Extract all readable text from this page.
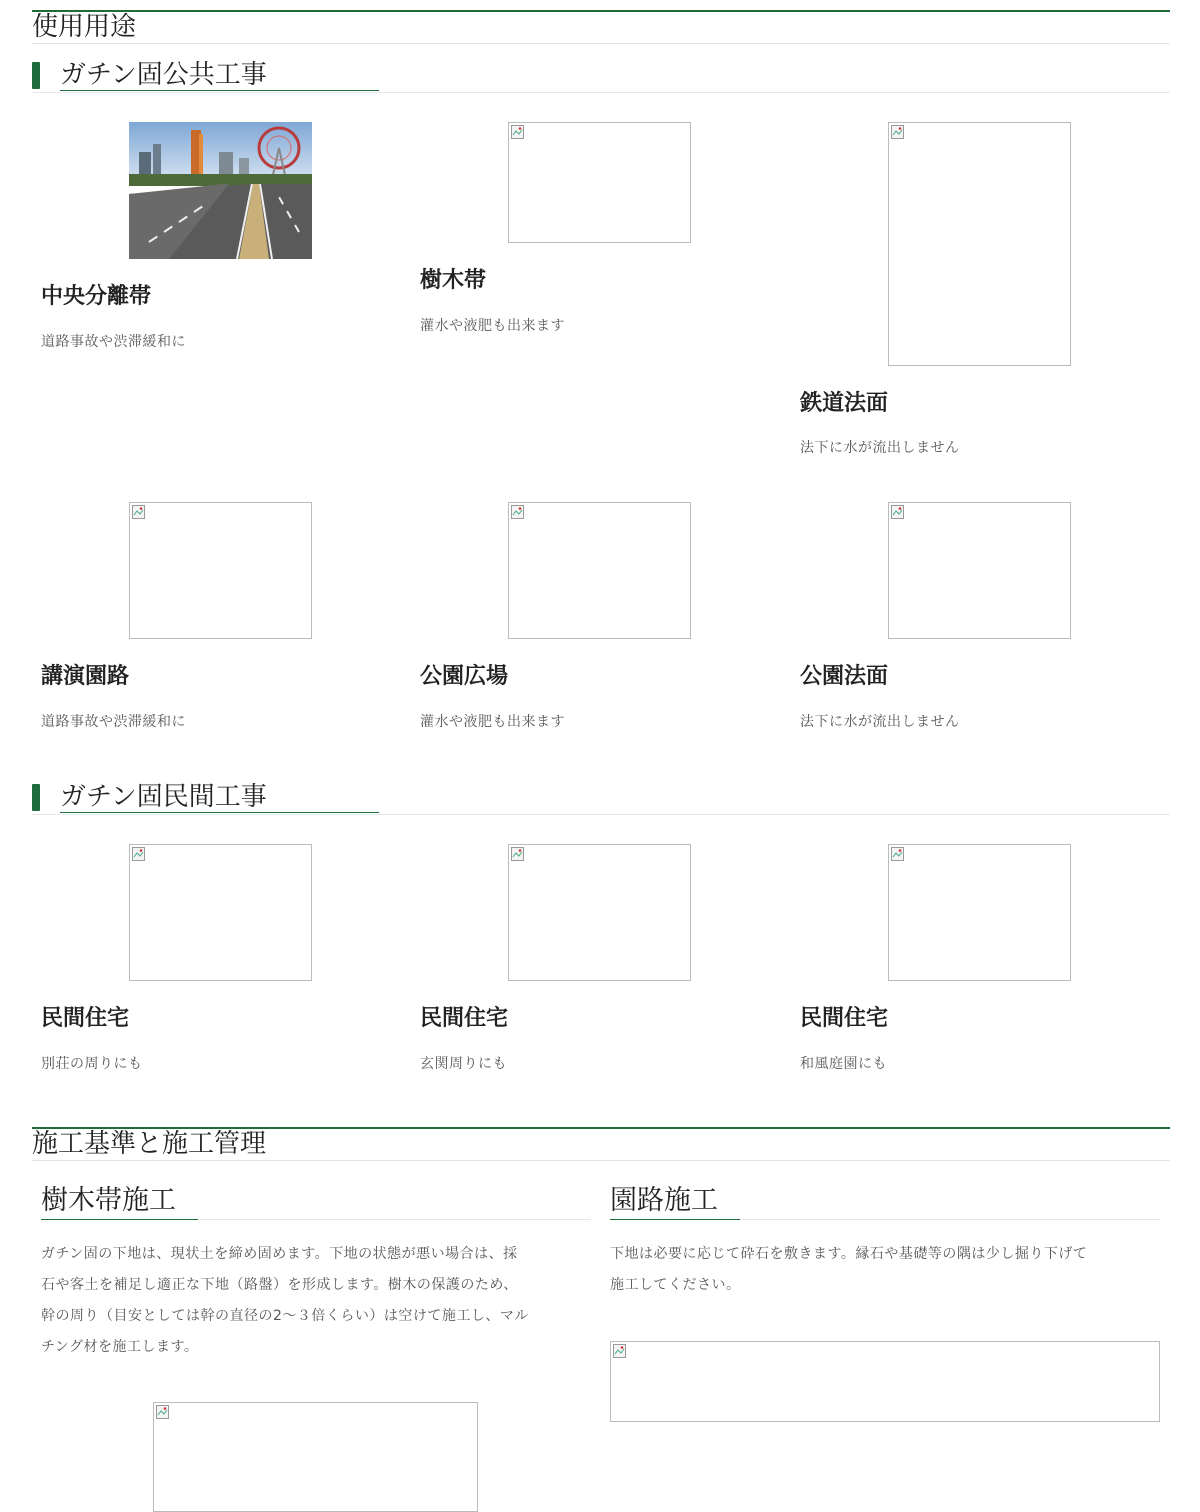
使用用途
ガチン固公共工事
中央分離帯
道路事故や渋滞緩和に
樹木帯
灌水や液肥も出来ます
鉄道法面
法下に水が流出しません
講演園路
道路事故や渋滞緩和に
公園広場
灌水や液肥も出来ます
公園法面
法下に水が流出しません
ガチン固民間工事
民間住宅
別荘の周りにも
民間住宅
玄関周りにも
民間住宅
和風庭園にも
施工基準と施工管理
樹木帯施工
ガチン固の下地は、現状土を締め固めます。下地の状態が悪い場合は、採
石や客土を補足し適正な下地（路盤）を形成します。樹木の保護のため、
幹の周り（目安としては幹の直径の2〜３倍くらい）は空けて施工し、マル
チング材を施工します。
園路施工
下地は必要に応じて砕石を敷きます。縁石や基礎等の隅は少し掘り下げて
施工してください。
